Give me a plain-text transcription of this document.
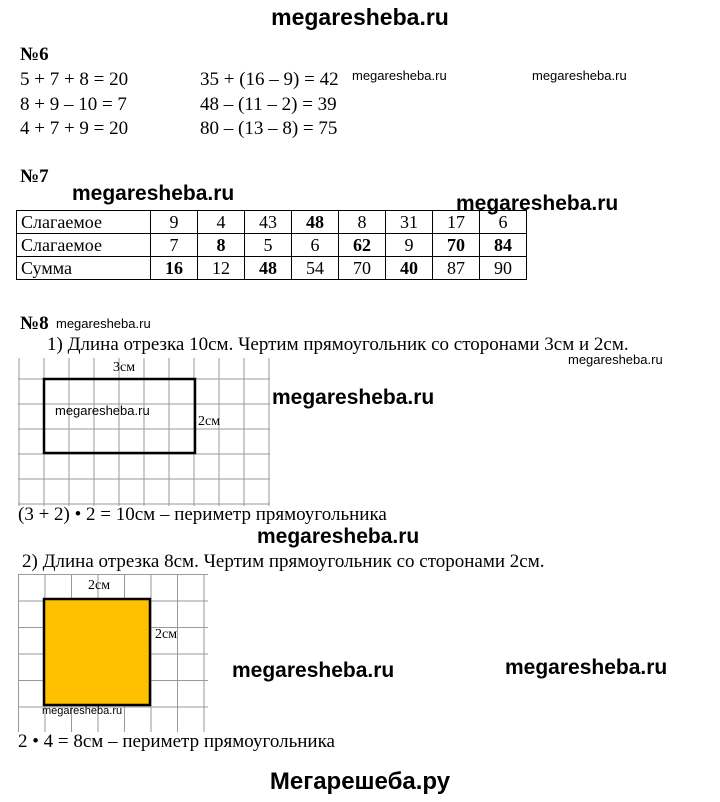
megaresheba.ru
№6
5 + 7 + 8 = 20
8 + 9 – 10 = 7
4 + 7 + 9 = 20
35 + (16 – 9) = 42
48 – (11 – 2) = 39
80 – (13 – 8) = 75
megaresheba.ru	megaresheba.ru
№7
megaresheba.ru	megaresheba.ru
Слагаемое	9	4	43	48	8	31	17	6
Слагаемое	7	8	5	6	62	9	70	84
Сумма	16	12	48	54	70	40	87	90
№8 megaresheba.ru
1) Длина отрезка 10см. Чертим прямоугольник со сторонами 3см и 2см.
megaresheba.ru
3см
2см
megaresheba.ru
megaresheba.ru
(3 + 2) • 2 = 10см – периметр прямоугольника
megaresheba.ru
2) Длина отрезка 8см. Чертим прямоугольник со сторонами 2см.
2см
2см
megaresheba.ru
megaresheba.ru	megaresheba.ru
2 • 4 = 8см – периметр прямоугольника
Мегарешеба.ру
